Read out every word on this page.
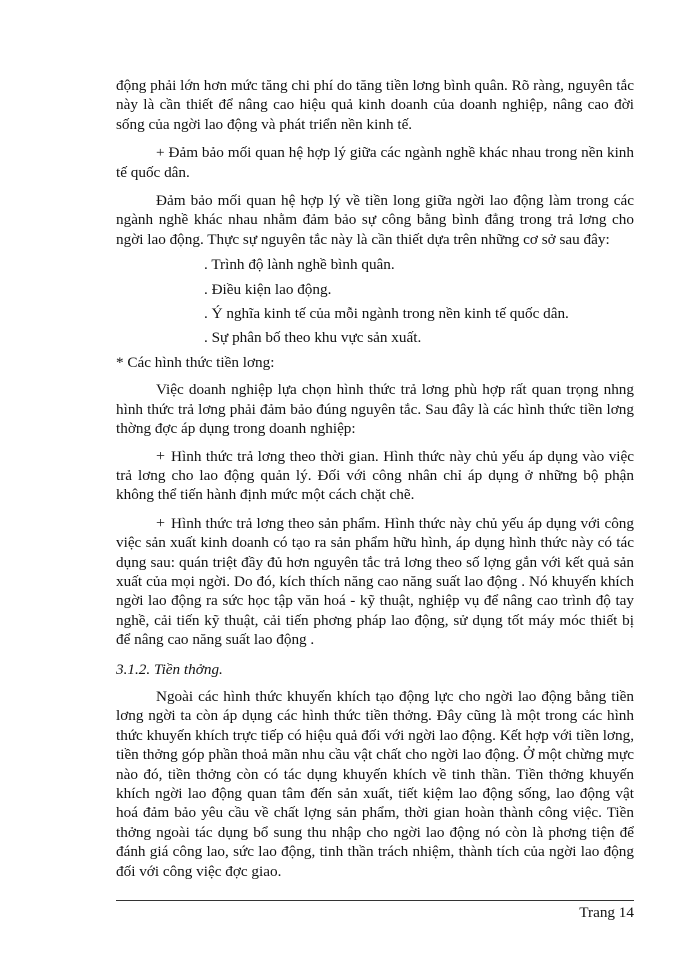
động phải lớn hơn mức tăng chi phí do tăng tiền lơng bình quân. Rõ ràng, nguyên tắc này là cần thiết để nâng cao hiệu quả kinh doanh của doanh nghiệp, nâng cao đời sống của ngời lao động và phát triển nền kinh tế.

+ Đảm bảo mối quan hệ hợp lý giữa các ngành nghề khác nhau trong nền kinh tế quốc dân.

Đảm bảo mối quan hệ hợp lý về tiền long giữa ngời lao động làm trong các ngành nghề khác nhau nhằm đảm bảo sự công bằng bình đẳng trong trả lơng cho ngời lao động. Thực sự nguyên tắc này là cần thiết dựa trên những cơ sở sau đây:

. Trình độ lành nghề bình quân.

. Điều kiện lao động.

. Ý nghĩa kinh tế của mỗi ngành trong nền kinh tế quốc dân.

. Sự phân bố theo khu vực sản xuất.

* Các hình thức tiền lơng:

Việc doanh nghiệp lựa chọn hình thức trả lơng phù hợp rất quan trọng nhng hình thức trả lơng phải đảm bảo đúng nguyên tắc. Sau đây là các hình thức tiền lơng thờng đợc áp dụng trong doanh nghiệp:

+ Hình thức trả lơng theo thời gian. Hình thức này chủ yếu áp dụng vào việc trả lơng cho lao động quản lý. Đối với công nhân chỉ áp dụng ở những bộ phận không thể tiến hành định mức một cách chặt chẽ.

+ Hình thức trả lơng theo sản phẩm. Hình thức này chủ yếu áp dụng với công việc sản xuất kinh doanh có tạo ra sản phẩm hữu hình, áp dụng hình thức này có tác dụng sau: quán triệt đầy đủ hơn nguyên tắc trả lơng theo số lợng gắn với kết quả sản xuất của mọi ngời. Do đó, kích thích năng cao năng suất lao động . Nó khuyến khích ngời lao động ra sức học tập văn hoá - kỹ thuật, nghiệp vụ để nâng cao trình độ tay nghề, cải tiến kỹ thuật, cải tiến phơng pháp lao động, sử dụng tốt máy móc thiết bị để nâng cao năng suất lao động .

3.1.2. Tiền thởng.

Ngoài các hình thức khuyến khích tạo động lực cho ngời lao động bằng tiền lơng ngời ta còn áp dụng các hình thức tiền thởng. Đây cũng là một trong các hình thức khuyến khích trực tiếp có hiệu quả đối với ngời lao động. Kết hợp với tiền lơng, tiền thởng góp phần thoả mãn nhu cầu vật chất cho ngời lao động. Ở một chừng mực nào đó, tiền thởng còn có tác dụng khuyến khích về tinh thần. Tiền thởng khuyến khích ngời lao động quan tâm đến sản xuất, tiết kiệm lao động sống, lao động vật hoá đảm bảo yêu cầu về chất lợng sản phẩm, thời gian hoàn thành công việc. Tiền thởng ngoài tác dụng bổ sung thu nhập cho ngời lao động nó còn là phơng tiện để đánh giá công lao, sức lao động, tinh thần trách nhiệm, thành tích của ngời lao động đối với công việc đợc giao.

Trang 14
